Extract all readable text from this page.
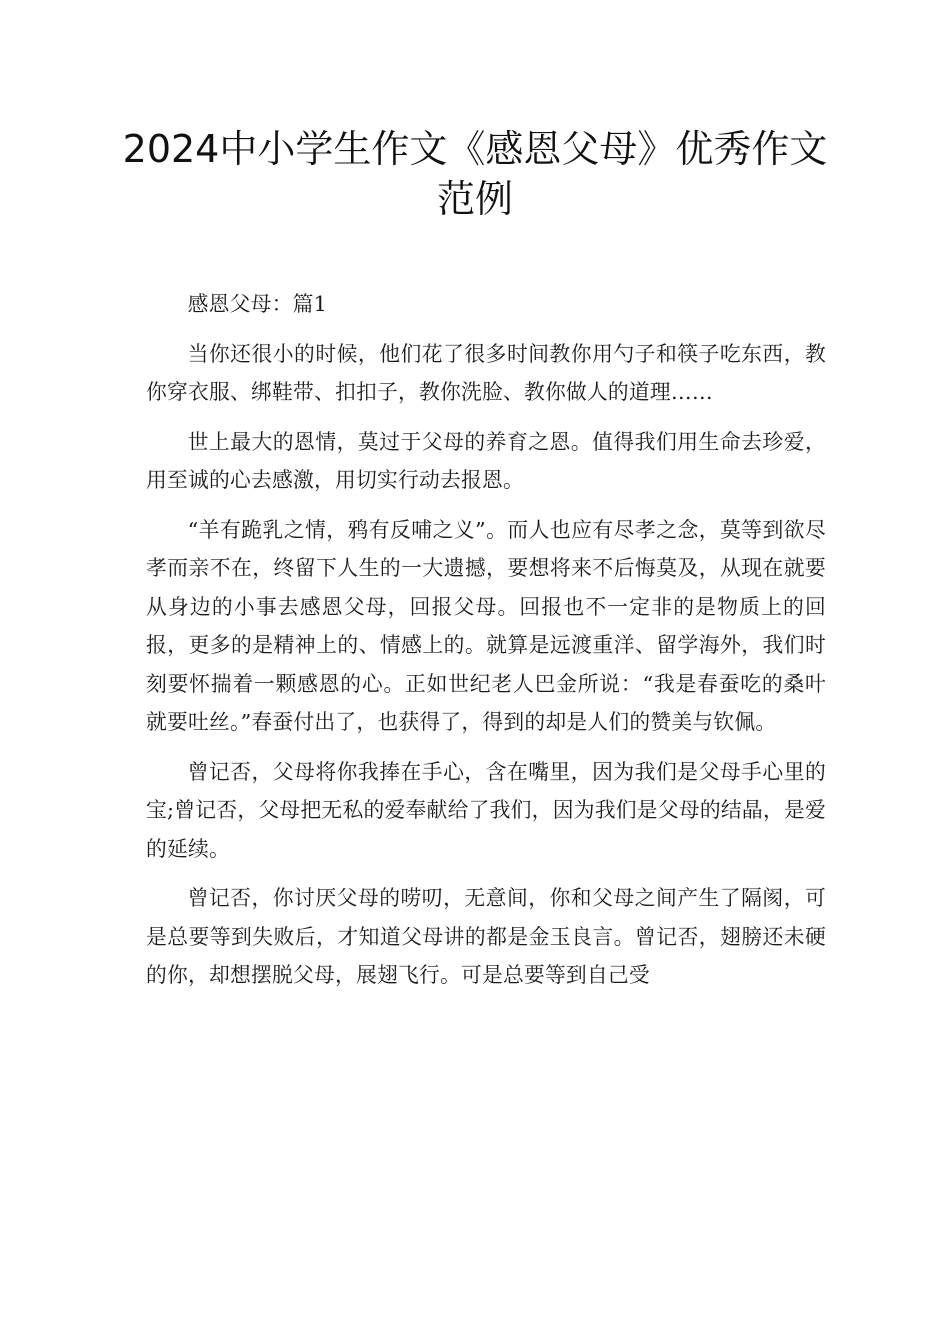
2024中小学生作文《感恩父母》优秀作文范例

感恩父母：篇1

当你还很小的时候，他们花了很多时间教你用勺子和筷子吃东西，教你穿衣服、绑鞋带、扣扣子，教你洗脸、教你做人的道理……

世上最大的恩情，莫过于父母的养育之恩。值得我们用生命去珍爱，用至诚的心去感激，用切实行动去报恩。

“羊有跪乳之情，鸦有反哺之义”。而人也应有尽孝之念，莫等到欲尽孝而亲不在，终留下人生的一大遗撼，要想将来不后悔莫及，从现在就要从身边的小事去感恩父母，回报父母。回报也不一定非的是物质上的回报，更多的是精神上的、情感上的。就算是远渡重洋、留学海外，我们时刻要怀揣着一颗感恩的心。正如世纪老人巴金所说：“我是春蚕吃的桑叶就要吐丝。”春蚕付出了，也获得了，得到的却是人们的赞美与钦佩。

曾记否，父母将你我捧在手心，含在嘴里，因为我们是父母手心里的宝;曾记否，父母把无私的爱奉献给了我们，因为我们是父母的结晶，是爱的延续。

曾记否，你讨厌父母的唠叨，无意间，你和父母之间产生了隔阂，可是总要等到失败后，才知道父母讲的都是金玉良言。曾记否，翅膀还未硬的你，却想摆脱父母，展翅飞行。可是总要等到自己受
